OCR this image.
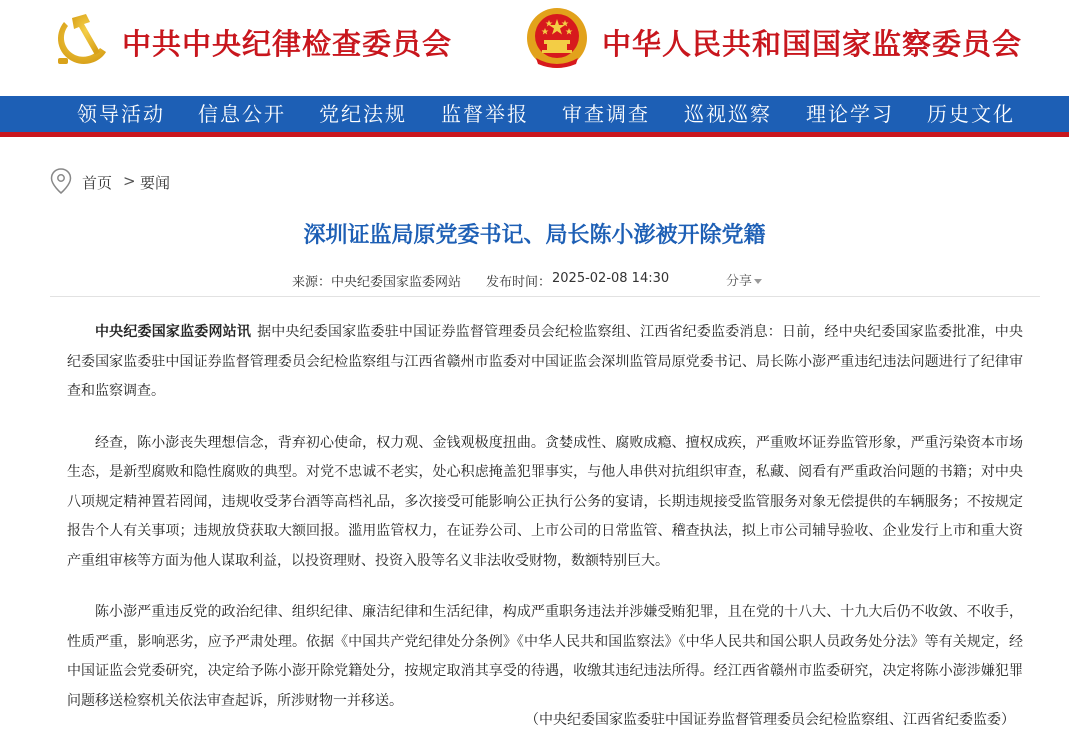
中共中央纪律检查委员会	中华人民共和国国家监察委员会
领导活动 信息公开 党纪法规 监督举报 审查调查 巡视巡察 理论学习 历史文化
首页 > 要闻
深圳证监局原党委书记、局长陈小澎被开除党籍
来源： 中央纪委国家监委网站 发布时间： 2025-02-08 14:30	分享

中央纪委国家监委网站讯 据中央纪委国家监委驻中国证券监督管理委员会纪检监察组、江西省纪委监委消息：日前，经中央纪委国家监委批准，中央纪委国家监委驻中国证券监督管理委员会纪检监察组与江西省赣州市监委对中国证监会深圳监管局原党委书记、局长陈小澎严重违纪违法问题进行了纪律审查和监察调查。

经查，陈小澎丧失理想信念，背弃初心使命，权力观、金钱观极度扭曲。贪婪成性、腐败成瘾、擅权成疾，严重败坏证券监管形象，严重污染资本市场生态，是新型腐败和隐性腐败的典型。对党不忠诚不老实，处心积虑掩盖犯罪事实，与他人串供对抗组织审查，私藏、阅看有严重政治问题的书籍；对中央八项规定精神置若罔闻，违规收受茅台酒等高档礼品，多次接受可能影响公正执行公务的宴请，长期违规接受监管服务对象无偿提供的车辆服务；不按规定报告个人有关事项；违规放贷获取大额回报。滥用监管权力，在证券公司、上市公司的日常监管、稽查执法，拟上市公司辅导验收、企业发行上市和重大资产重组审核等方面为他人谋取利益，以投资理财、投资入股等名义非法收受财物，数额特别巨大。

陈小澎严重违反党的政治纪律、组织纪律、廉洁纪律和生活纪律，构成严重职务违法并涉嫌受贿犯罪，且在党的十八大、十九大后仍不收敛、不收手，性质严重，影响恶劣，应予严肃处理。依据《中国共产党纪律处分条例》《中华人民共和国监察法》《中华人民共和国公职人员政务处分法》等有关规定，经中国证监会党委研究，决定给予陈小澎开除党籍处分，按规定取消其享受的待遇，收缴其违纪违法所得。经江西省赣州市监委研究，决定将陈小澎涉嫌犯罪问题移送检察机关依法审查起诉，所涉财物一并移送。

（中央纪委国家监委驻中国证券监督管理委员会纪检监察组、江西省纪委监委）
